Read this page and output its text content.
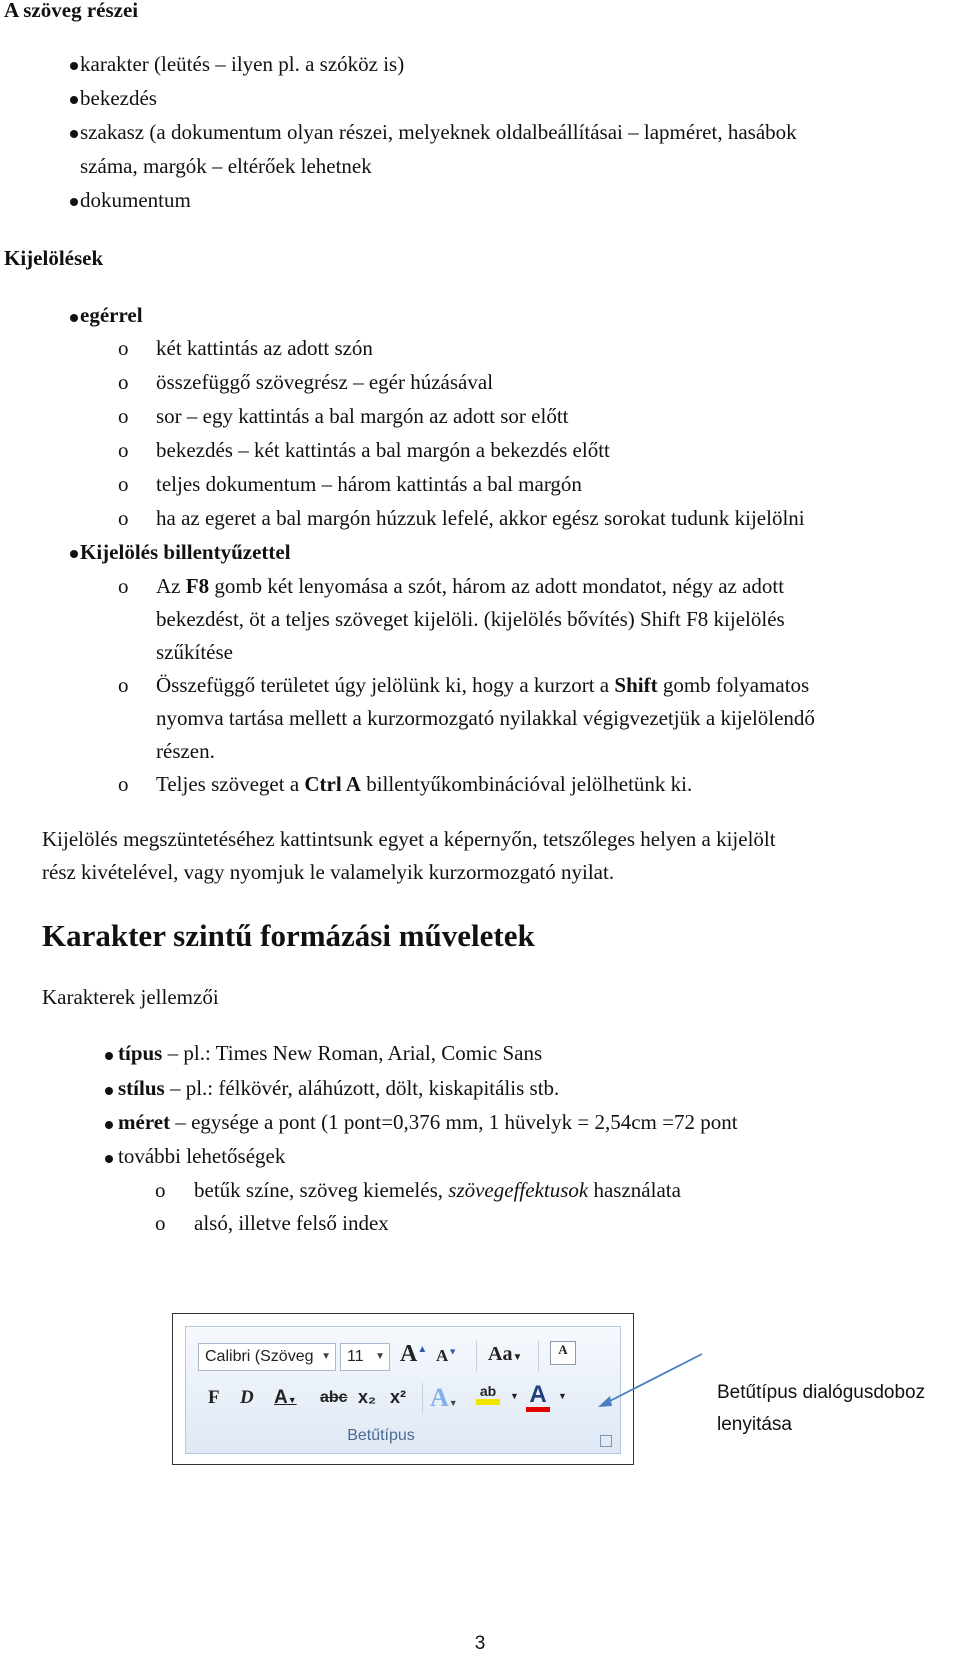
A szöveg részei
karakter (leütés – ilyen pl. a szóköz is)
bekezdés
szakasz (a dokumentum olyan részei, melyeknek oldalbeállításai – lapméret, hasábok
száma, margók – eltérőek lehetnek
dokumentum
Kijelölések
egérrel
o két kattintás az adott szón
o összefüggő szövegrész – egér húzásával
o sor – egy kattintás a bal margón az adott sor előtt
o bekezdés – két kattintás a bal margón a bekezdés előtt
o teljes dokumentum – három kattintás a bal margón
o ha az egeret a bal margón húzzuk lefelé, akkor egész sorokat tudunk kijelölni
Kijelölés billentyűzettel
o Az F8 gomb két lenyomása a szót, három az adott mondatot, négy az adott
bekezdést, öt a teljes szöveget kijelöli. (kijelölés bővítés) Shift F8 kijelölés
szűkítése
o Összefüggő területet úgy jelölünk ki, hogy a kurzort a Shift gomb folyamatos
nyomva tartása mellett a kurzormozgató nyilakkal végigvezetjük a kijelölendő
részen.
o Teljes szöveget a Ctrl A billentyűkombinációval jelölhetünk ki.
Kijelölés megszüntetéséhez kattintsunk egyet a képernyőn, tetszőleges helyen a kijelölt
rész kivételével, vagy nyomjuk le valamelyik kurzormozgató nyilat.
Karakter szintű formázási műveletek
Karakterek jellemzői
típus – pl.: Times New Roman, Arial, Comic Sans
stílus – pl.: félkövér, aláhúzott, dölt, kiskapitális stb.
méret – egysége a pont (1 pont=0,376 mm, 1 hüvelyk = 2,54cm =72 pont
további lehetőségek
o betűk színe, szöveg kiemelés, szövegeffektusok használata
o alsó, illetve felső index
Calibri (Szöveg ▼	11 ▼ A▲ A▼ Aa▼
A
F D A▼ abc x₂ x² A▼
ab	▼ A	▼
Betűtípus
Betűtípus dialógusdoboz
lenyitása
3
